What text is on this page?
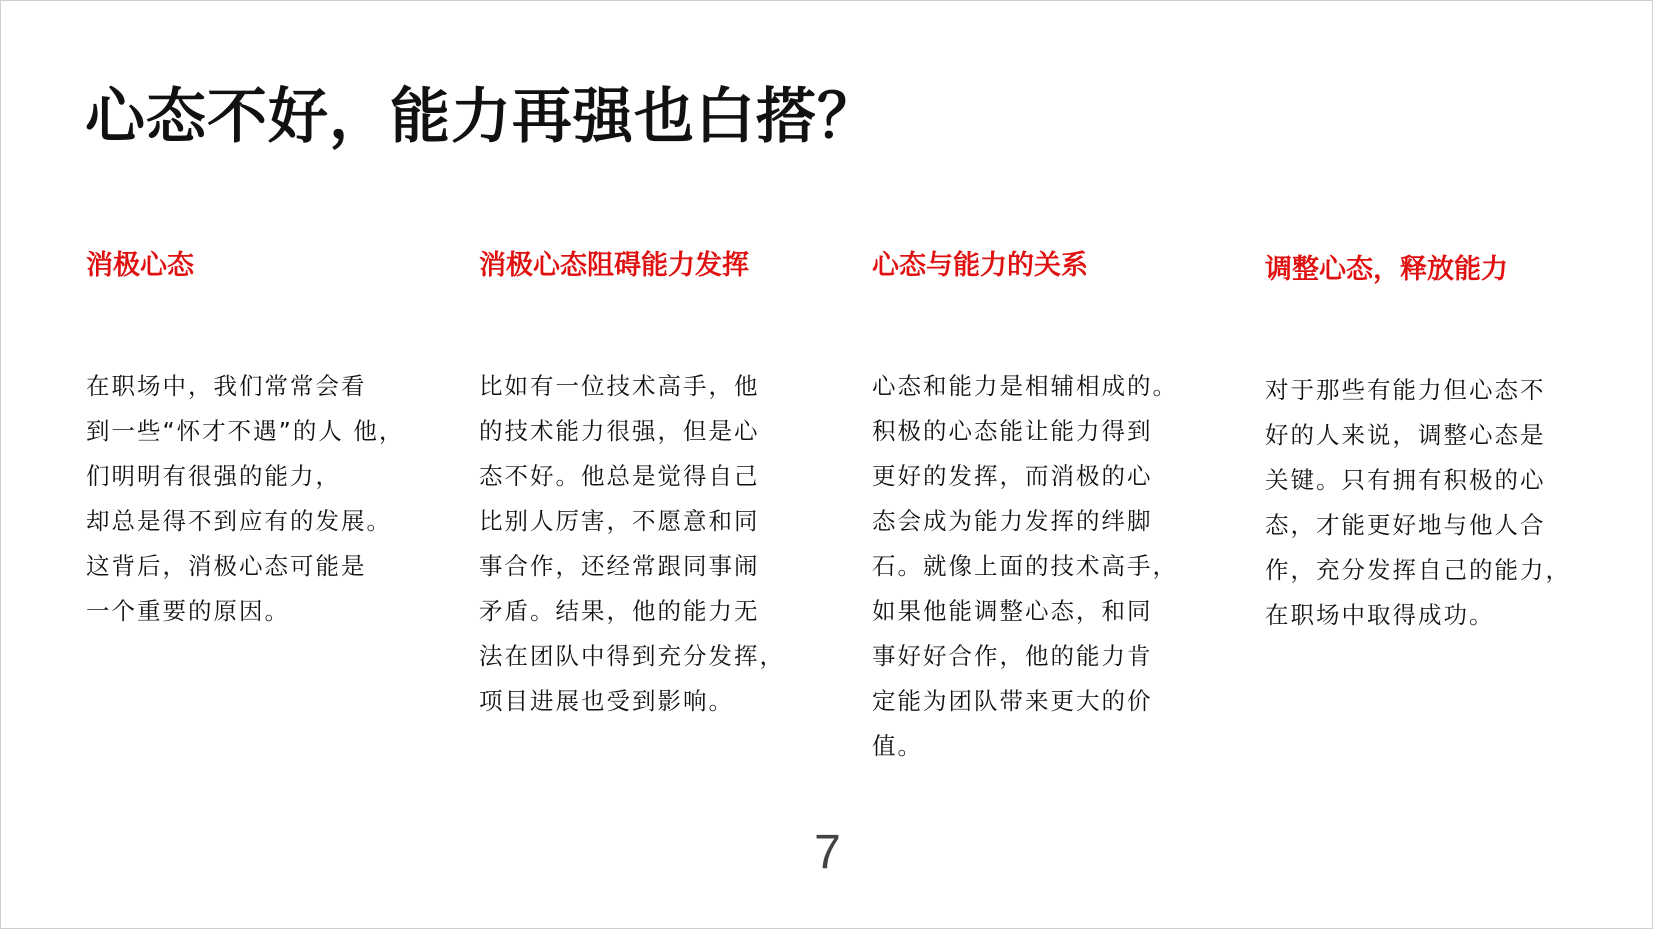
心态不好，能力再强也白搭？
消极心态
在职场中，我们常常会看
到一些“怀才不遇”的人 他，
们明明有很强的能力，
却总是得不到应有的发展。
这背后，消极心态可能是
一个重要的原因。
消极心态阻碍能力发挥
比如有一位技术高手，他
的技术能力很强，但是心
态不好。他总是觉得自己
比别人厉害，不愿意和同
事合作，还经常跟同事闹
矛盾。结果，他的能力无
法在团队中得到充分发挥，
项目进展也受到影响。
心态与能力的关系
心态和能力是相辅相成的。
积极的心态能让能力得到
更好的发挥，而消极的心
态会成为能力发挥的绊脚
石。就像上面的技术高手，
如果他能调整心态，和同
事好好合作，他的能力肯
定能为团队带来更大的价
值。
调整心态，释放能力
对于那些有能力但心态不
好的人来说，调整心态是
关键。只有拥有积极的心
态，才能更好地与他人合
作，充分发挥自己的能力，
在职场中取得成功。
7
